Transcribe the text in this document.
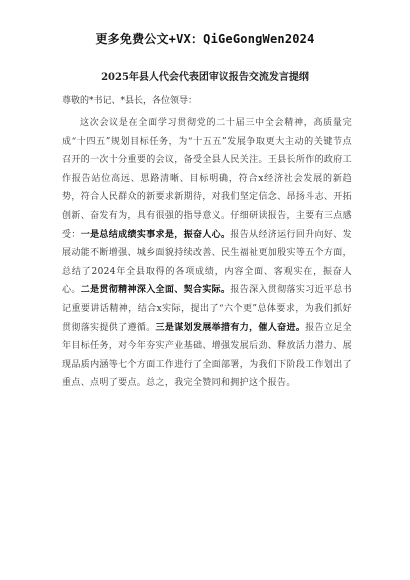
更多免费公文+VX：QiGeGongWen2024
2025年县人代会代表团审议报告交流发言提纲
尊敬的*书记、*县长，各位领导：

这次会议是在全面学习贯彻党的二十届三中全会精神，高质量完成“十四五”规划目标任务，为“十五五”发展争取更大主动的关键节点召开的一次十分重要的会议，备受全县人民关注。王县长所作的政府工作报告站位高远、思路清晰、目标明确，符合x经济社会发展的新趋势，符合人民群众的新要求新期待，对我们坚定信念、昂扬斗志、开拓创新、奋发有为，具有很强的指导意义。仔细研读报告，主要有三点感受：一是总结成绩实事求是，振奋人心。报告从经济运行回升向好、发展动能不断增强、城乡面貌持续改善、民生福祉更加殷实等五个方面，总结了2024年全县取得的各项成绩，内容全面、客观实在，振奋人心。二是贯彻精神深入全面、契合实际。报告深入贯彻落实习近平总书记重要讲话精神，结合x实际，提出了“六个更”总体要求，为我们抓好贯彻落实提供了遵循。三是谋划发展举措有力，催人奋进。报告立足全年目标任务，对今年夯实产业基础、增强发展后劲、释放活力潜力、展现品质内涵等七个方面工作进行了全面部署，为我们下阶段工作划出了重点、点明了要点。总之，我完全赞同和拥护这个报告。
